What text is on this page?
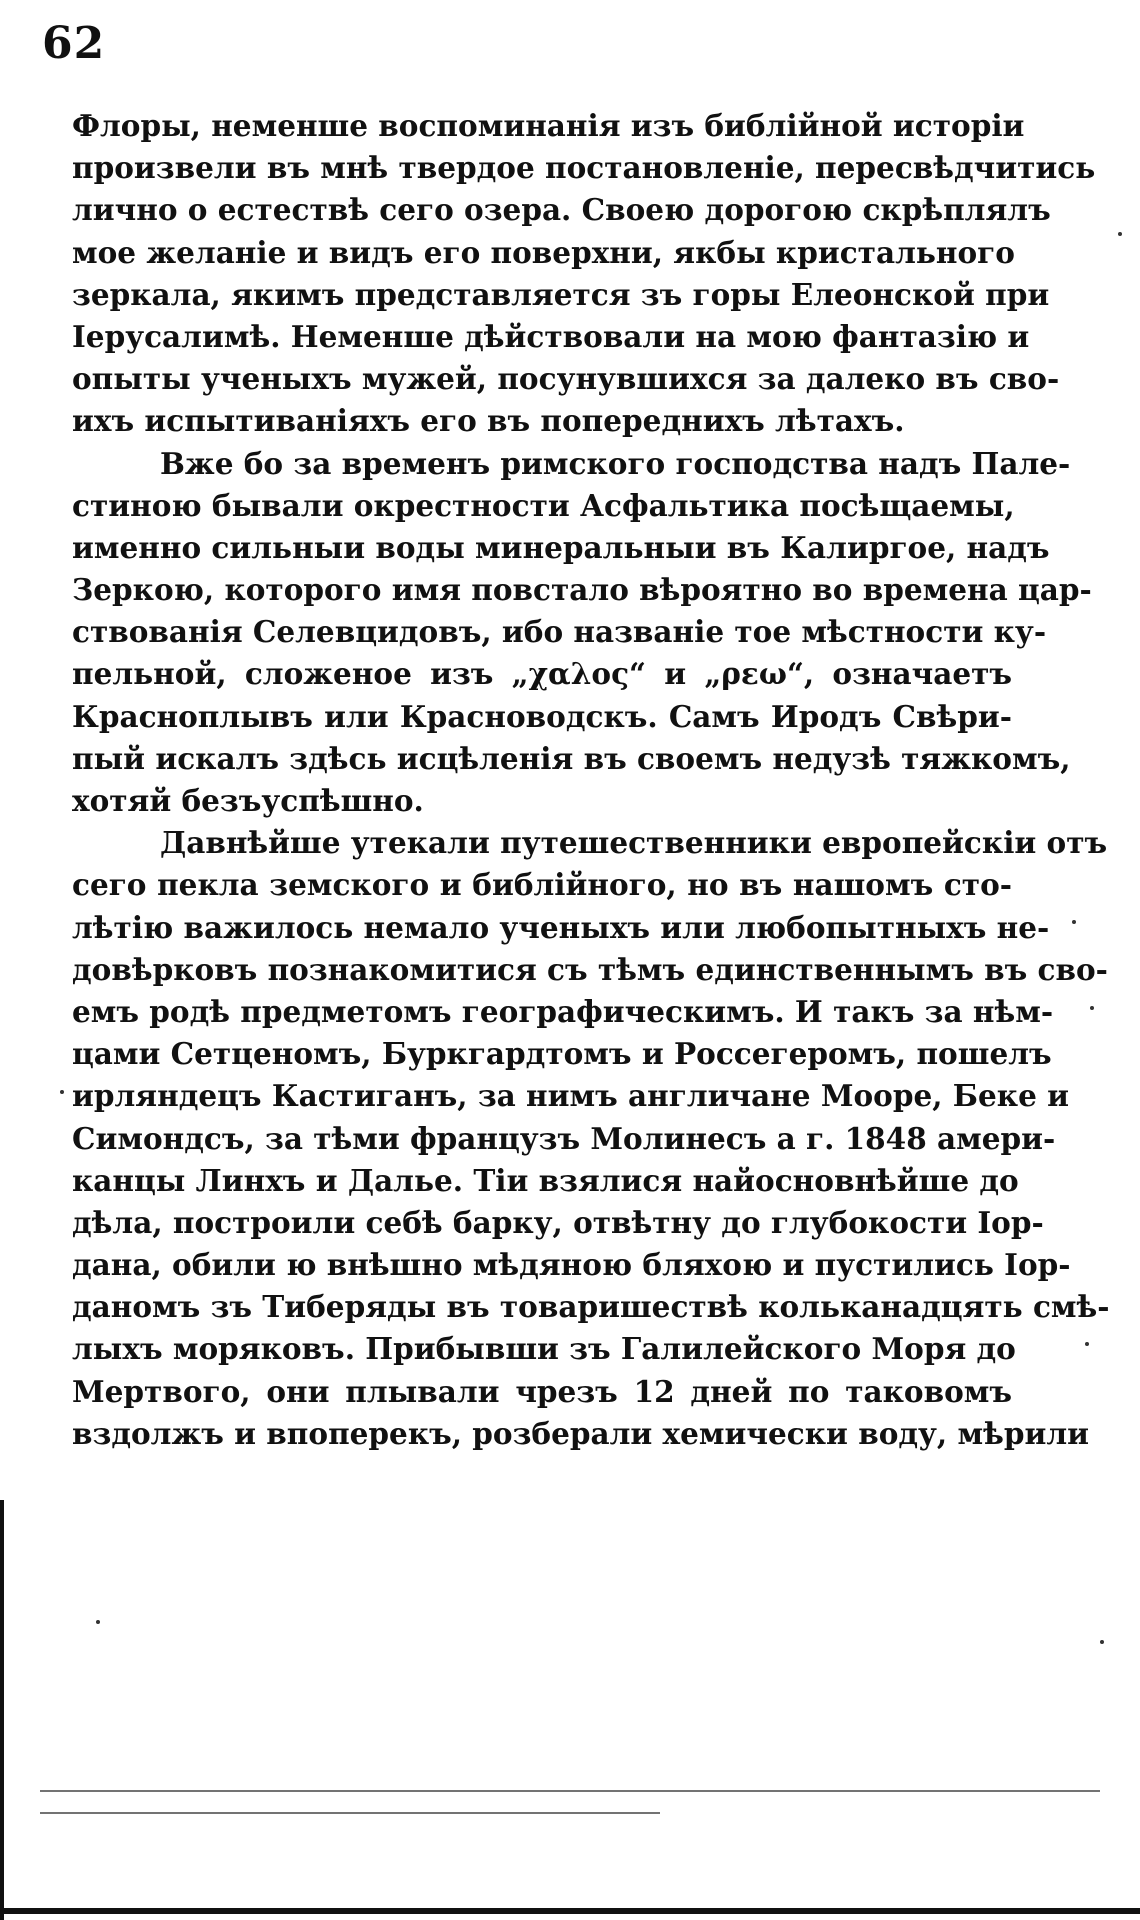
62
Флоры, неменше воспоминанія изъ библійной исторіи
произвели въ мнѣ твердое постановленіе, пересвѣдчитись
лично о естествѣ сего озера. Своею дорогою скрѣплялъ
мое желаніе и видъ его поверхни, якбы кристального
зеркала, якимъ представляется зъ горы Елеонской при
Іерусалимѣ. Неменше дѣйствовали на мою фантазію и
опыты ученыхъ мужей, посунувшихся за далеко въ сво-
ихъ испытиваніяхъ его въ попереднихъ лѣтахъ.
Вже бо за временъ римского господства надъ Пале-
стиною бывали окрестности Асфальтика посѣщаемы,
именно сильныи воды минеральныи въ Калиргое, надъ
Зеркою, которого имя повстало вѣроятно во времена цар-
ствованія Селевцидовъ, ибо названіе тое мѣстности ку-
пельной, сложеное изъ „χαλος“ и „ρεω“, означаетъ
Красноплывъ или Красноводскъ. Самъ Иродъ Свѣри-
пый искалъ здѣсь исцѣленія въ своемъ недузѣ тяжкомъ,
хотяй безъуспѣшно.
Давнѣйше утекали путешественники европейскіи отъ
сего пекла земского и библійного, но въ нашомъ сто-
лѣтію важилось немало ученыхъ или любопытныхъ не-
довѣрковъ познакомитися съ тѣмъ единственнымъ въ сво-
емъ родѣ предметомъ географическимъ. И такъ за нѣм-
цами Сетценомъ, Буркгардтомъ и Россегеромъ, пошелъ
ирляндецъ Кастиганъ, за нимъ англичане Мооре, Беке и
Симондсъ, за тѣми французъ Молинесъ а г. 1848 амери-
канцы Линхъ и Дальe. Тіи взялися найосновнѣйше до
дѣла, построили себѣ барку, отвѣтну до глубокости Іор-
дана, обили ю внѣшно мѣдяною бляхою и пустились Іор-
даномъ зъ Тиберяды въ товаришествѣ кольканадцять смѣ-
лыхъ моряковъ. Прибывши зъ Галилейского Моря до
Мертвого, они плывали чрезъ 12 дней по таковомъ
вздолжъ и впоперекъ, розберали хемически воду, мѣрили
